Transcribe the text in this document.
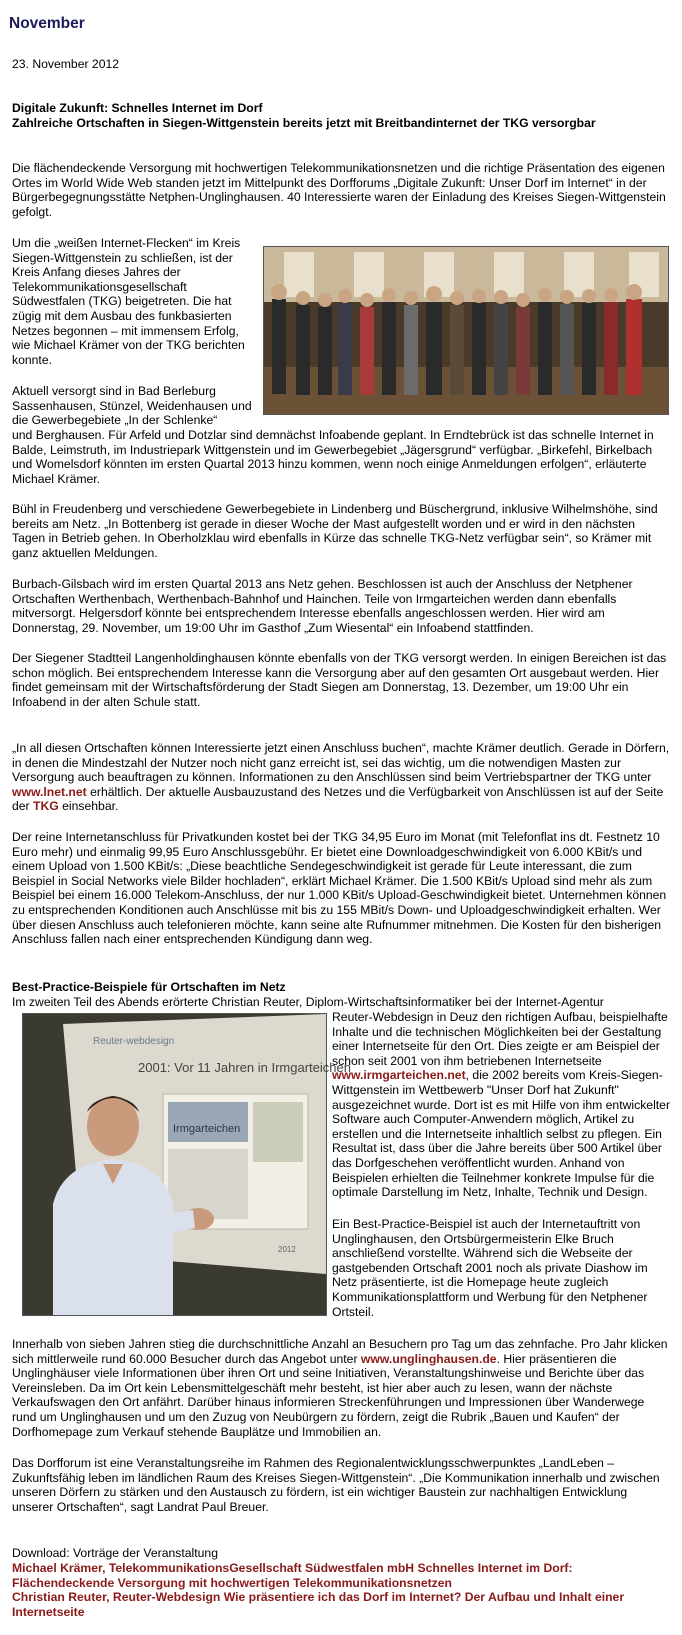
November
23. November 2012
Digitale Zukunft: Schnelles Internet im Dorf
Zahlreiche Ortschaften in Siegen-Wittgenstein bereits jetzt mit Breitbandinternet der TKG versorgbar

Die flächendeckende Versorgung mit hochwertigen Telekommunikationsnetzen und die richtige Präsentation des eigenen Ortes im World Wide Web standen jetzt im Mittelpunkt des Dorfforums „Digitale Zukunft: Unser Dorf im Internet“ in der Bürgerbegegnungsstätte Netphen-Unglinghausen. 40 Interessierte waren der Einladung des Kreises Siegen-Wittgenstein gefolgt.

Um die „weißen Internet-Flecken“ im Kreis Siegen-Wittgenstein zu schließen, ist der Kreis Anfang dieses Jahres der Telekommunikationsgesellschaft Südwestfalen (TKG) beigetreten. Die hat zügig mit dem Ausbau des funkbasierten Netzes begonnen – mit immensem Erfolg, wie Michael Krämer von der TKG berichten konnte.

Aktuell versorgt sind in Bad Berleburg Sassenhausen, Stünzel, Weidenhausen und die Gewerbegebiete „In der Schlenke“

und Berghausen. Für Arfeld und Dotzlar sind demnächst Infoabende geplant. In Erndtebrück ist das schnelle Internet in Balde, Leimstruth, im Industriepark Wittgenstein und im Gewerbegebiet „Jägersgrund“ verfügbar. „Birkefehl, Birkelbach und Womelsdorf könnten im ersten Quartal 2013 hinzu kommen, wenn noch einige Anmeldungen erfolgen“, erläuterte Michael Krämer.

Bühl in Freudenberg und verschiedene Gewerbegebiete in Lindenberg und Büschergrund, inklusive Wilhelmshöhe, sind bereits am Netz. „In Bottenberg ist gerade in dieser Woche der Mast aufgestellt worden und er wird in den nächsten Tagen in Betrieb gehen. In Oberholzklau wird ebenfalls in Kürze das schnelle TKG-Netz verfügbar sein“, so Krämer mit ganz aktuellen Meldungen.

Burbach-Gilsbach wird im ersten Quartal 2013 ans Netz gehen. Beschlossen ist auch der Anschluss der Netphener Ortschaften Werthenbach, Werthenbach-Bahnhof und Hainchen. Teile von Irmgarteichen werden dann ebenfalls mitversorgt. Helgersdorf könnte bei entsprechendem Interesse ebenfalls angeschlossen werden. Hier wird am Donnerstag, 29. November, um 19:00 Uhr im Gasthof „Zum Wiesental“ ein Infoabend stattfinden.

Der Siegener Stadtteil Langenholdinghausen könnte ebenfalls von der TKG versorgt werden. In einigen Bereichen ist das schon möglich. Bei entsprechendem Interesse kann die Versorgung aber auf den gesamten Ort ausgebaut werden. Hier findet gemeinsam mit der Wirtschaftsförderung der Stadt Siegen am Donnerstag, 13. Dezember, um 19:00 Uhr ein Infoabend in der alten Schule statt.

„In all diesen Ortschaften können Interessierte jetzt einen Anschluss buchen“, machte Krämer deutlich. Gerade in Dörfern, in denen die Mindestzahl der Nutzer noch nicht ganz erreicht ist, sei das wichtig, um die notwendigen Masten zur Versorgung auch beauftragen zu können. Informationen zu den Anschlüssen sind beim Vertriebspartner der TKG unter www.lnet.net erhältlich. Der aktuelle Ausbauzustand des Netzes und die Verfügbarkeit von Anschlüssen ist auf der Seite der TKG einsehbar.

Der reine Internetanschluss für Privatkunden kostet bei der TKG 34,95 Euro im Monat (mit Telefonflat ins dt. Festnetz 10 Euro mehr) und einmalig 99,95 Euro Anschlussgebühr. Er bietet eine Downloadgeschwindigkeit von 6.000 KBit/s und einem Upload von 1.500 KBit/s: „Diese beachtliche Sendegeschwindigkeit ist gerade für Leute interessant, die zum Beispiel in Social Networks viele Bilder hochladen“, erklärt Michael Krämer. Die 1.500 KBit/s Upload sind mehr als zum Beispiel bei einem 16.000 Telekom-Anschluss, der nur 1.000 KBit/s Upload-Geschwindigkeit bietet. Unternehmen können zu entsprechenden Konditionen auch Anschlüsse mit bis zu 155 MBit/s Down- und Uploadgeschwindigkeit erhalten. Wer über diesen Anschluss auch telefonieren möchte, kann seine alte Rufnummer mitnehmen. Die Kosten für den bisherigen Anschluss fallen nach einer entsprechenden Kündigung dann weg.

Best-Practice-Beispiele für Ortschaften im Netz

Im zweiten Teil des Abends erörterte Christian Reuter, Diplom-Wirtschaftsinformatiker bei der Internet-Agentur

Reuter-webdesign
2001: Vor 11 Jahren in Irmgarteichen
Irmgarteichen
2012

Reuter-Webdesign in Deuz den richtigen Aufbau, beispielhafte Inhalte und die technischen Möglichkeiten bei der Gestaltung einer Internetseite für den Ort. Dies zeigte er am Beispiel der schon seit 2001 von ihm betriebenen Internetseite www.irmgarteichen.net, die 2002 bereits vom Kreis-Siegen-Wittgenstein im Wettbewerb "Unser Dorf hat Zukunft" ausgezeichnet wurde. Dort ist es mit Hilfe von ihm entwickelter Software auch Computer-Anwendern möglich, Artikel zu erstellen und die Internetseite inhaltlich selbst zu pflegen. Ein Resultat ist, dass über die Jahre bereits über 500 Artikel über das Dorfgeschehen veröffentlicht wurden. Anhand von Beispielen erhielten die Teilnehmer konkrete Impulse für die optimale Darstellung im Netz, Inhalte, Technik und Design.

Ein Best-Practice-Beispiel ist auch der Internetauftritt von Unglinghausen, den Ortsbürgermeisterin Elke Bruch anschließend vorstellte. Während sich die Webseite der gastgebenden Ortschaft 2001 noch als private Diashow im Netz präsentierte, ist die Homepage heute zugleich Kommunikationsplattform und Werbung für den Netphener Ortsteil.

Innerhalb von sieben Jahren stieg die durchschnittliche Anzahl an Besuchern pro Tag um das zehnfache. Pro Jahr klicken sich mittlerweile rund 60.000 Besucher durch das Angebot unter www.unglinghausen.de. Hier präsentieren die Unglinghäuser viele Informationen über ihren Ort und seine Initiativen, Veranstaltungshinweise und Berichte über das Vereinsleben. Da im Ort kein Lebensmittelgeschäft mehr besteht, ist hier aber auch zu lesen, wann der nächste Verkaufswagen den Ort anfährt. Darüber hinaus informieren Streckenführungen und Impressionen über Wanderwege rund um Unglinghausen und um den Zuzug von Neubürgern zu fördern, zeigt die Rubrik „Bauen und Kaufen“ der Dorfhomepage zum Verkauf stehende Bauplätze und Immobilien an.

Das Dorfforum ist eine Veranstaltungsreihe im Rahmen des Regionalentwicklungsschwerpunktes „LandLeben – Zukunftsfähig leben im ländlichen Raum des Kreises Siegen-Wittgenstein“. „Die Kommunikation innerhalb und zwischen unseren Dörfern zu stärken und den Austausch zu fördern, ist ein wichtiger Baustein zur nachhaltigen Entwicklung unserer Ortschaften“, sagt Landrat Paul Breuer.

Download: Vorträge der Veranstaltung
Michael Krämer, TelekommunikationsGesellschaft Südwestfalen mbH Schnelles Internet im Dorf: Flächendeckende Versorgung mit hochwertigen Telekommunikationsnetzen
Christian Reuter, Reuter-Webdesign Wie präsentiere ich das Dorf im Internet? Der Aufbau und Inhalt einer Internetseite
